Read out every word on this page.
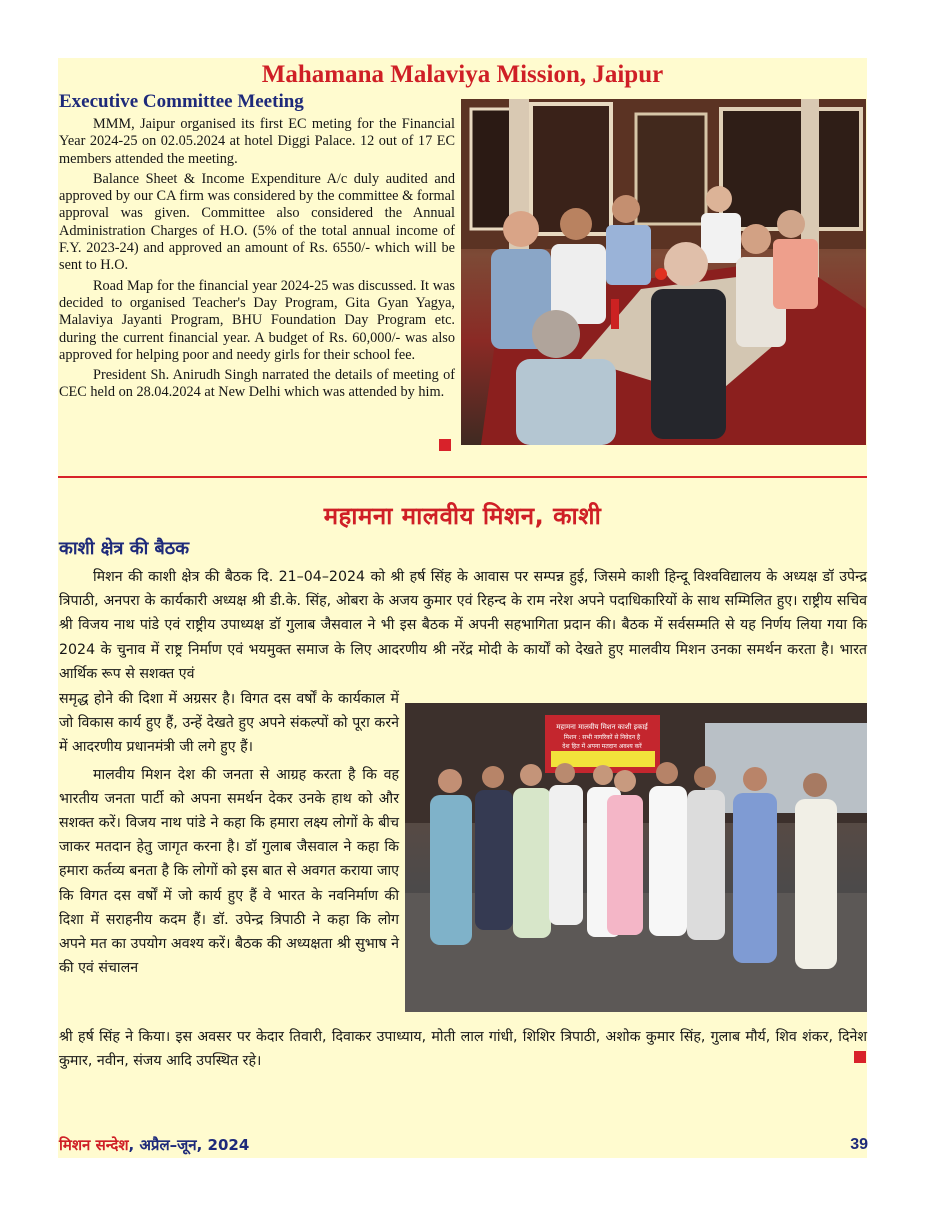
Mahamana Malaviya Mission, Jaipur
Executive Committee Meeting

MMM, Jaipur organised its first EC meting for the Financial Year 2024-25 on 02.05.2024 at hotel Diggi Palace. 12 out of 17 EC members attended the meeting.

Balance Sheet & Income Expenditure A/c duly audited and approved by our CA firm was considered by the committee & formal approval was given. Committee also considered the Annual Administration Charges of H.O. (5% of the total annual income of F.Y. 2023-24) and approved an amount of Rs. 6550/- which will be sent to H.O.

Road Map for the financial year 2024-25 was discussed. It was decided to organised Teacher's Day Program, Gita Gyan Yagya, Malaviya Jayanti Program, BHU Foundation Day Program etc. during the current financial year. A budget of Rs. 60,000/- was also approved for helping poor and needy girls for their school fee.

President Sh. Anirudh Singh narrated the details of meeting of CEC held on 28.04.2024 at New Delhi which was attended by him.

महामना मालवीय मिशन, काशी
काशी क्षेत्र की बैठक

मिशन की काशी क्षेत्र की बैठक दि. 21–04–2024 को श्री हर्ष सिंह के आवास पर सम्पन्न हुई, जिसमे काशी हिन्दू विश्वविद्यालय के अध्यक्ष डॉ उपेन्द्र त्रिपाठी, अनपरा के कार्यकारी अध्यक्ष श्री डी.के. सिंह, ओबरा के अजय कुमार एवं रिहन्द के राम नरेश अपने पदाधिकारियों के साथ सम्मिलित हुए। राष्ट्रीय सचिव श्री विजय नाथ पांडे एवं राष्ट्रीय उपाध्यक्ष डॉ गुलाब जैसवाल ने भी इस बैठक में अपनी सहभागिता प्रदान की। बैठक में सर्वसम्मति से यह निर्णय लिया गया कि 2024 के चुनाव में राष्ट्र निर्माण एवं भयमुक्त समाज के लिए आदरणीय श्री नरेंद्र मोदी के कार्यों को देखते हुए मालवीय मिशन उनका समर्थन करता है। भारत आर्थिक रूप से सशक्त एवं

समृद्ध होने की दिशा में अग्रसर है। विगत दस वर्षों के कार्यकाल में जो विकास कार्य हुए हैं, उन्हें देखते हुए अपने संकल्पों को पूरा करने में आदरणीय प्रधानमंत्री जी लगे हुए हैं।

मालवीय मिशन देश की जनता से आग्रह करता है कि वह भारतीय जनता पार्टी को अपना समर्थन देकर उनके हाथ को और सशक्त करें। विजय नाथ पांडे ने कहा कि हमारा लक्ष्य लोगों के बीच जाकर मतदान हेतु जागृत करना है। डॉ गुलाब जैसवाल ने कहा कि हमारा कर्तव्य बनता है कि लोगों को इस बात से अवगत कराया जाए कि विगत दस वर्षों में जो कार्य हुए हैं वे भारत के नवनिर्माण की दिशा में सराहनीय कदम हैं। डॉ. उपेन्द्र त्रिपाठी ने कहा कि लोग अपने मत का उपयोग अवश्य करें। बैठक की अध्यक्षता श्री सुभाष ने की एवं संचालन

श्री हर्ष सिंह ने किया। इस अवसर पर केदार तिवारी, दिवाकर उपाध्याय, मोती लाल गांधी, शिशिर त्रिपाठी, अशोक कुमार सिंह, गुलाब मौर्य, शिव शंकर, दिनेश कुमार, नवीन, संजय आदि उपस्थित रहे।

महामना मालवीय मिशन काशी इकाई
मिशन : सभी नागरिकों से निवेदन है
देश हित में अपना मतदान अवश्य करें
मिशन सन्देश, अप्रैल–जून, 2024	39
